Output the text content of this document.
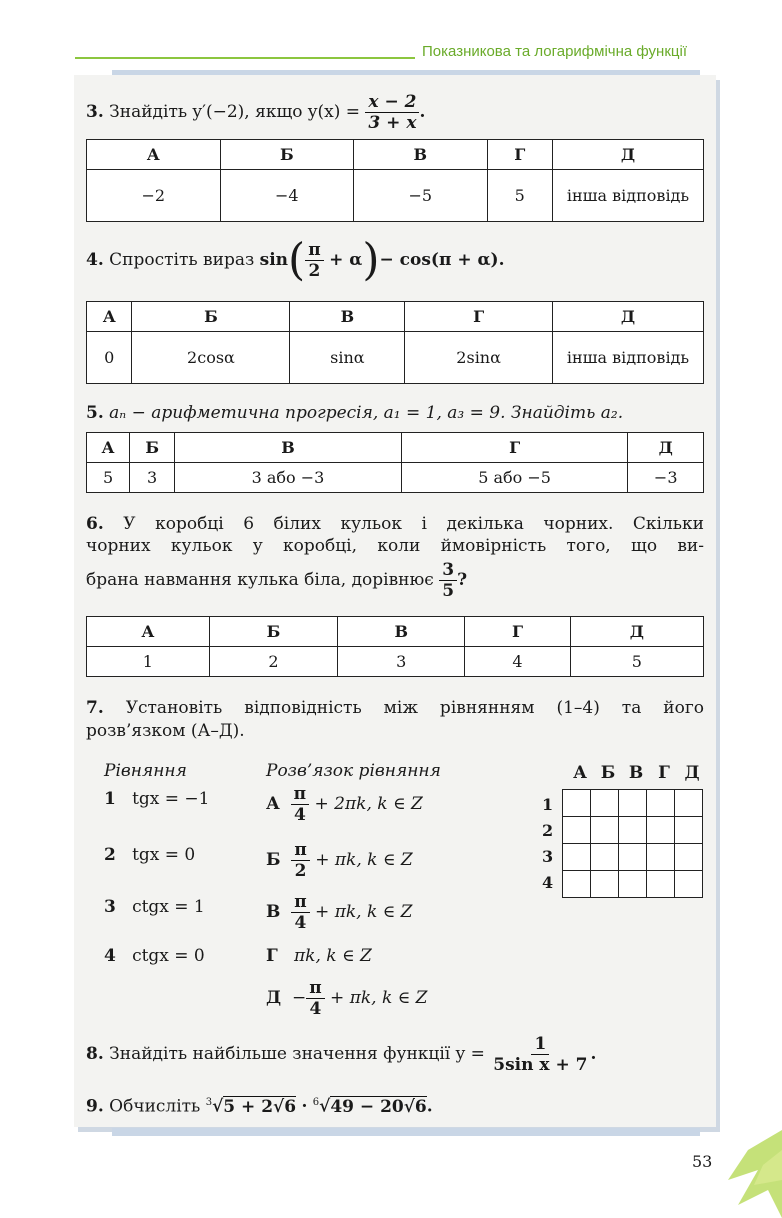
Показникова та логарифмічна функції
3. Знайдіть y′(−2), якщо $y(x) = \frac{x - 2}{3 + x}$ .
А	Б	В	Г	Д
−2	−4	−5	5	інша відповідь
4. Спростіть вираз $\sin( \frac{\pi}{2} + \alpha)- \cos(\pi + \alpha)$.
А	Б	В	Г	Д
0	2cosα	sinα	2sinα	інша відповідь
5. aₙ − арифметична прогресія, a₁ = 1, a₃ = 9. Знайдіть a₂.
А	Б	В	Г	Д
5	3	3 або −3	5 або −5	−3
6. У коробці 6 білих кульок і декілька чорних. Скільки
чорних кульок у коробці, коли ймовірність того, що ви-
брана навмання кулька біла, дорівнює $\frac{3}{5}$ ?
А	Б	В	Г	Д
1	2	3	4	5
7. Установіть відповідність між рівнянням (1–4) та його
розв’язком (А–Д).
Рівняння	Розв’язок рівняння
1 tgx = −1
2 tgx = 0
3 ctgx = 1
4 ctgx = 0
А $\frac{\pi}{4} + 2\pi k$, k ∈ Z
Б $\frac{\pi}{2} + \pi k$, k ∈ Z
В $\frac{\pi}{4} + \pi k$, k ∈ Z
Г πk, k ∈ Z
$Д - \frac{\pi}{4} + \pi k$, k ∈ Z
А Б В Г Д
1
2
3
4

8. Знайдіть найбільше значення функції $y = \frac{1}{\text{5sin x + 7}}$ .
9. Обчисліть $^3$√5 + 2√6 · $^6$√49 − 20√6.
53
